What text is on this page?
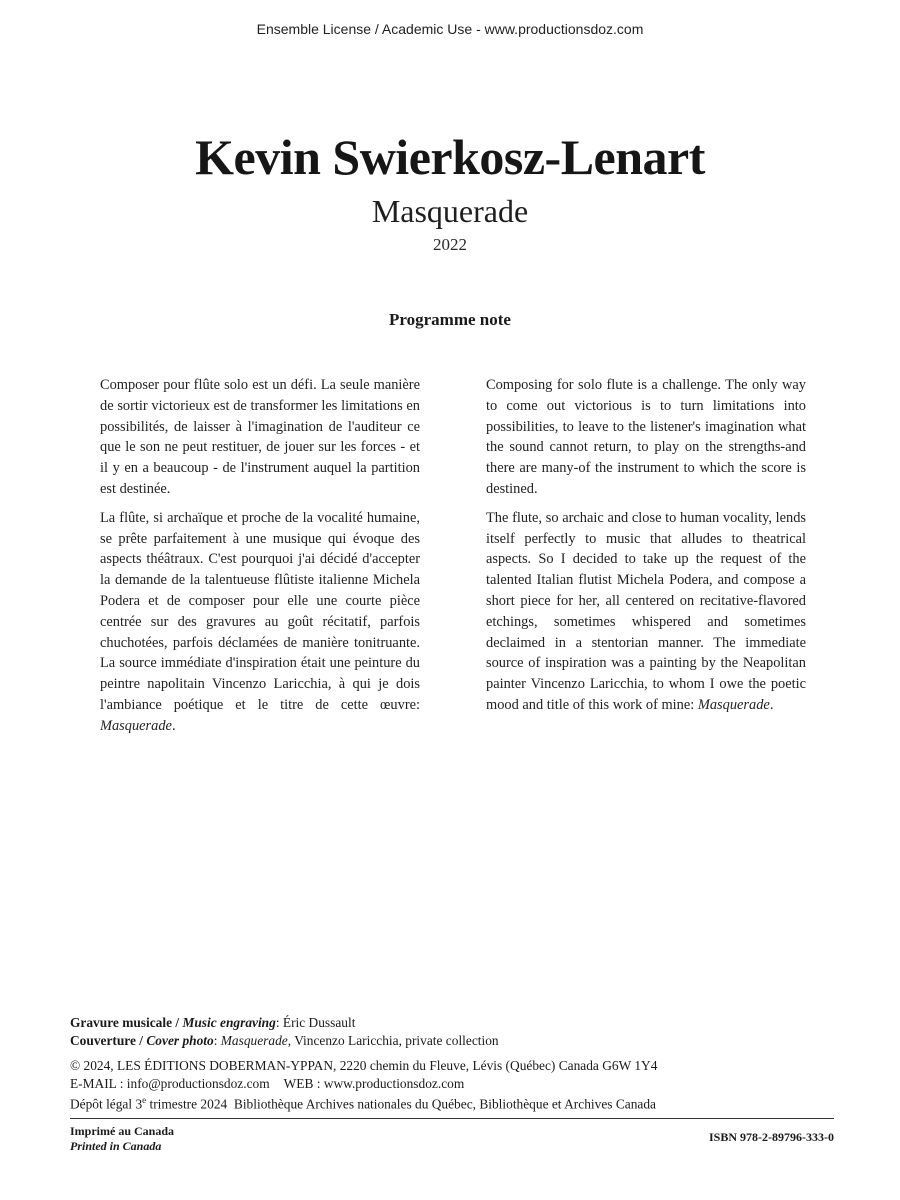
Ensemble License / Academic Use - www.productionsdoz.com
Kevin Swierkosz-Lenart
Masquerade
2022
Programme note

Composer pour flûte solo est un défi. La seule manière de sortir victorieux est de transformer les limitations en possibilités, de laisser à l'imagination de l'auditeur ce que le son ne peut restituer, de jouer sur les forces - et il y en a beaucoup - de l'instrument auquel la partition est destinée.

La flûte, si archaïque et proche de la vocalité humaine, se prête parfaitement à une musique qui évoque des aspects théâtraux. C'est pourquoi j'ai décidé d'accepter la demande de la talentueuse flûtiste italienne Michela Podera et de composer pour elle une courte pièce centrée sur des gravures au goût récitatif, parfois chuchotées, parfois déclamées de manière tonitruante. La source immédiate d'inspiration était une peinture du peintre napolitain Vincenzo Laricchia, à qui je dois l'ambiance poétique et le titre de cette œuvre: Masquerade.

Composing for solo flute is a challenge. The only way to come out victorious is to turn limitations into possibilities, to leave to the listener's imagination what the sound cannot return, to play on the strengths-and there are many-of the instrument to which the score is destined.

The flute, so archaic and close to human vocality, lends itself perfectly to music that alludes to theatrical aspects. So I decided to take up the request of the talented Italian flutist Michela Podera, and compose a short piece for her, all centered on recitative-flavored etchings, sometimes whispered and sometimes declaimed in a stentorian manner. The immediate source of inspiration was a painting by the Neapolitan painter Vincenzo Laricchia, to whom I owe the poetic mood and title of this work of mine: Masquerade.

Gravure musicale / Music engraving: Éric Dussault
Couverture / Cover photo: Masquerade, Vincenzo Laricchia, private collection
© 2024, LES ÉDITIONS DOBERMAN-YPPAN, 2220 chemin du Fleuve, Lévis (Québec) Canada G6W 1Y4
E-MAIL : info@productionsdoz.com WEB : www.productionsdoz.com
Dépôt légal 3e trimestre 2024  Bibliothèque Archives nationales du Québec, Bibliothèque et Archives Canada
Imprimé au Canada
Printed in Canada
ISBN 978-2-89796-333-0
